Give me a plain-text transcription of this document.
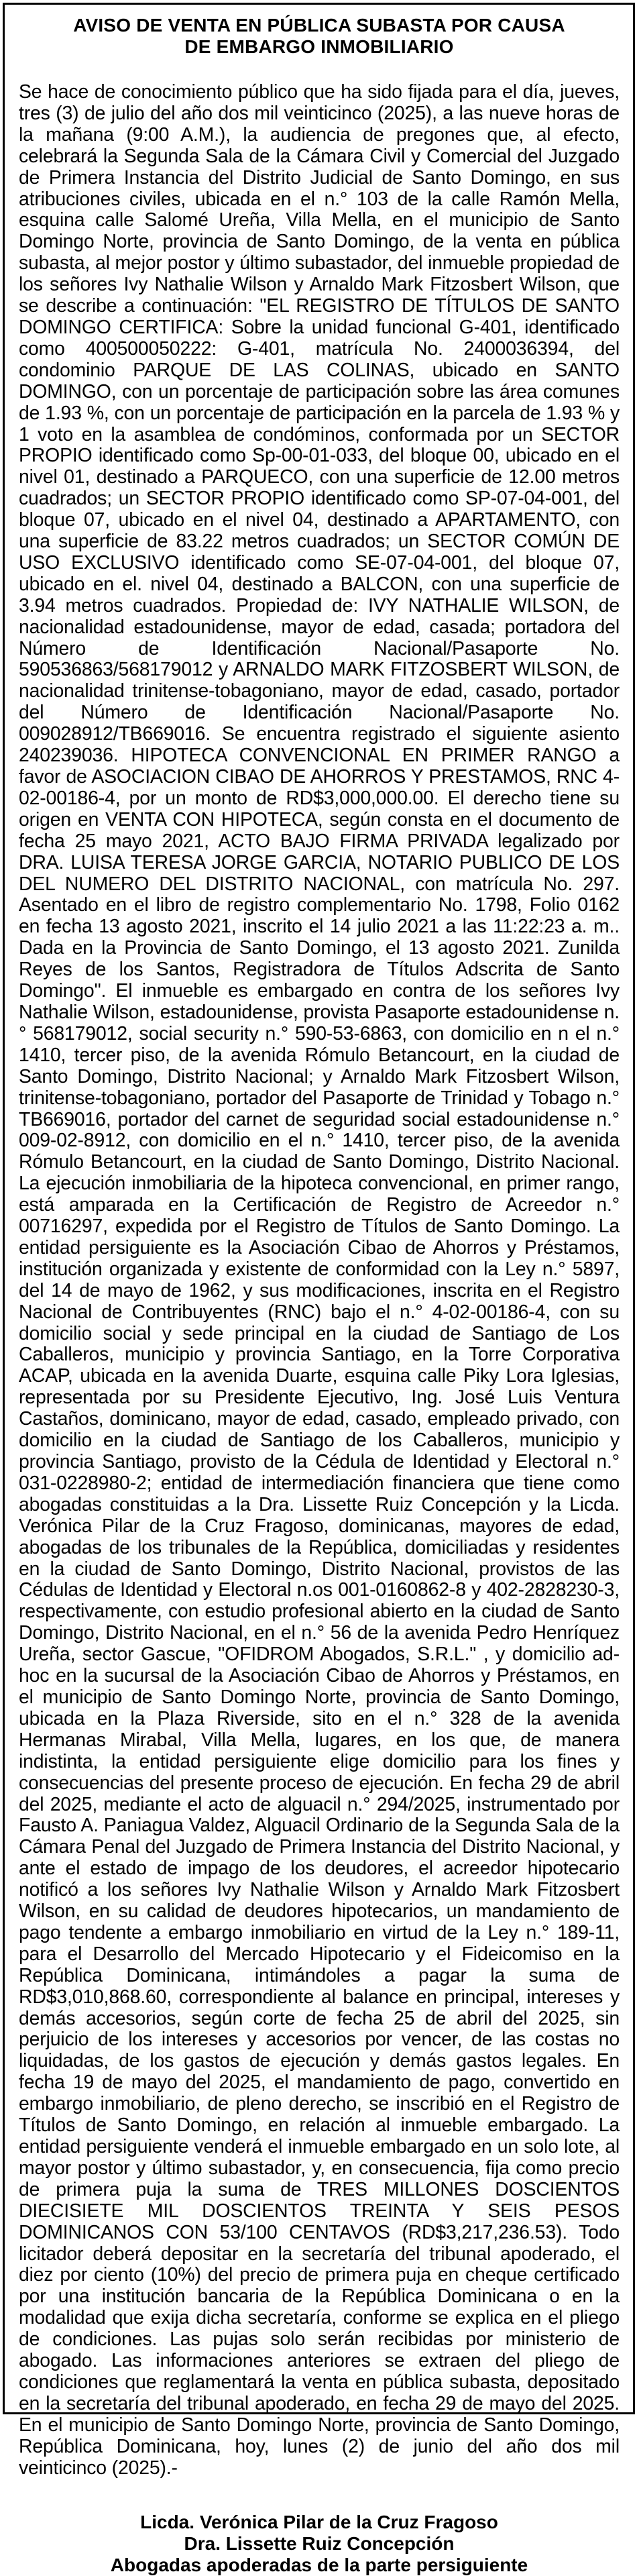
AVISO DE VENTA EN PÚBLICA SUBASTA POR CAUSA
DE EMBARGO INMOBILIARIO

Se hace de conocimiento público que ha sido fijada para el día, jueves, tres (3) de julio del año dos mil veinticinco (2025), a las nueve horas de la mañana (9:00 A.M.), la audiencia de pregones que, al efecto, celebrará la Segunda Sala de la Cámara Civil y Comercial del Juzgado de Primera Instancia del Distrito Judicial de Santo Domingo, en sus atribuciones civiles, ubicada en el n.° 103 de la calle Ramón Mella, esquina calle Salomé Ureña, Villa Mella, en el municipio de Santo Domingo Norte, provincia de Santo Domingo, de la venta en pública subasta, al mejor postor y último subastador, del inmueble propiedad de los señores Ivy Nathalie Wilson y Arnaldo Mark Fitzosbert Wilson, que se describe a continuación: "EL REGISTRO DE TÍTULOS DE SANTO DOMINGO CERTIFICA: Sobre la unidad funcional G-401, identificado como 400500050222: G-401, matrícula No. 2400036394, del condominio PARQUE DE LAS COLINAS, ubicado en SANTO DOMINGO, con un porcentaje de participación sobre las área comunes de 1.93 %, con un porcentaje de participación en la parcela de 1.93 % y 1 voto en la asamblea de condóminos, conformada por un SECTOR PROPIO identificado como Sp-00-01-033, del bloque 00, ubicado en el nivel 01, destinado a PARQUECO, con una superficie de 12.00 metros cuadrados; un SECTOR PROPIO identificado como SP-07-04-001, del bloque 07, ubicado en el nivel 04, destinado a APARTAMENTO, con una superficie de 83.22 metros cuadrados; un SECTOR COMÚN DE USO EXCLUSIVO identificado como SE-07-04-001, del bloque 07, ubicado en el. nivel 04, destinado a BALCON, con una superficie de 3.94 metros cuadrados. Propiedad de: IVY NATHALIE WILSON, de nacionalidad estadounidense, mayor de edad, casada; portadora del Número de Identificación Nacional/Pasaporte No. 590536863/568179012 y ARNALDO MARK FITZOSBERT WILSON, de nacionalidad trinitense-tobagoniano, mayor de edad, casado, portador del Número de Identificación Nacional/Pasaporte No. 009028912/TB669016. Se encuentra registrado el siguiente asiento 240239036. HIPOTECA CONVENCIONAL EN PRIMER RANGO a favor de ASOCIACION CIBAO DE AHORROS Y PRESTAMOS, RNC 4-02-00186-4, por un monto de RD$3,000,000.00. El derecho tiene su origen en VENTA CON HIPOTECA, según consta en el documento de fecha 25 mayo 2021, ACTO BAJO FIRMA PRIVADA legalizado por DRA. LUISA TERESA JORGE GARCIA, NOTARIO PUBLICO DE LOS DEL NUMERO DEL DISTRITO NACIONAL, con matrícula No. 297. Asentado en el libro de registro complementario No. 1798, Folio 0162 en fecha 13 agosto 2021, inscrito el 14 julio 2021 a las 11:22:23 a. m.. Dada en la Provincia de Santo Domingo, el 13 agosto 2021. Zunilda Reyes de los Santos, Registradora de Títulos Adscrita de Santo Domingo". El inmueble es embargado en contra de los señores Ivy Nathalie Wilson, estadounidense, provista Pasaporte estadounidense n.° 568179012, social security n.° 590-53-6863, con domicilio en n el n.° 1410, tercer piso, de la avenida Rómulo Betancourt, en la ciudad de Santo Domingo, Distrito Nacional; y Arnaldo Mark Fitzosbert Wilson, trinitense-tobagoniano, portador del Pasaporte de Trinidad y Tobago n.° TB669016, portador del carnet de seguridad social estadounidense n.° 009-02-8912, con domicilio en el n.° 1410, tercer piso, de la avenida Rómulo Betancourt, en la ciudad de Santo Domingo, Distrito Nacional. La ejecución inmobiliaria de la hipoteca convencional, en primer rango, está amparada en la Certificación de Registro de Acreedor n.° 00716297, expedida por el Registro de Títulos de Santo Domingo. La entidad persiguiente es la Asociación Cibao de Ahorros y Préstamos, institución organizada y existente de conformidad con la Ley n.° 5897, del 14 de mayo de 1962, y sus modificaciones, inscrita en el Registro Nacional de Contribuyentes (RNC) bajo el n.° 4-02-00186-4, con su domicilio social y sede principal en la ciudad de Santiago de Los Caballeros, municipio y provincia Santiago, en la Torre Corporativa ACAP, ubicada en la avenida Duarte, esquina calle Piky Lora Iglesias, representada por su Presidente Ejecutivo, Ing. José Luis Ventura Castaños, dominicano, mayor de edad, casado, empleado privado, con domicilio en la ciudad de Santiago de los Caballeros, municipio y provincia Santiago, provisto de la Cédula de Identidad y Electoral n.° 031-0228980-2; entidad de intermediación financiera que tiene como abogadas constituidas a la Dra. Lissette Ruiz Concepción y la Licda. Verónica Pilar de la Cruz Fragoso, dominicanas, mayores de edad, abogadas de los tribunales de la República, domiciliadas y residentes en la ciudad de Santo Domingo, Distrito Nacional, provistos de las Cédulas de Identidad y Electoral n.os 001-0160862-8 y 402-2828230-3, respectivamente, con estudio profesional abierto en la ciudad de Santo Domingo, Distrito Nacional, en el n.° 56 de la avenida Pedro Henríquez Ureña, sector Gascue, "OFIDROM Abogados, S.R.L." , y domicilio ad-hoc en la sucursal de la Asociación Cibao de Ahorros y Préstamos, en el municipio de Santo Domingo Norte, provincia de Santo Domingo, ubicada en la Plaza Riverside, sito en el n.° 328 de la avenida Hermanas Mirabal, Villa Mella, lugares, en los que, de manera indistinta, la entidad persiguiente elige domicilio para los fines y consecuencias del presente proceso de ejecución. En fecha 29 de abril del 2025, mediante el acto de alguacil n.° 294/2025, instrumentado por Fausto A. Paniagua Valdez, Alguacil Ordinario de la Segunda Sala de la Cámara Penal del Juzgado de Primera Instancia del Distrito Nacional, y ante el estado de impago de los deudores, el acreedor hipotecario notificó a los señores Ivy Nathalie Wilson y Arnaldo Mark Fitzosbert Wilson, en su calidad de deudores hipotecarios, un mandamiento de pago tendente a embargo inmobiliario en virtud de la Ley n.° 189-11, para el Desarrollo del Mercado Hipotecario y el Fideicomiso en la República Dominicana, intimándoles a pagar la suma de RD$3,010,868.60, correspondiente al balance en principal, intereses y demás accesorios, según corte de fecha 25 de abril del 2025, sin perjuicio de los intereses y accesorios por vencer, de las costas no liquidadas, de los gastos de ejecución y demás gastos legales. En fecha 19 de mayo del 2025, el mandamiento de pago, convertido en embargo inmobiliario, de pleno derecho, se inscribió en el Registro de Títulos de Santo Domingo, en relación al inmueble embargado. La entidad persiguiente venderá el inmueble embargado en un solo lote, al mayor postor y último subastador, y, en consecuencia, fija como precio de primera puja la suma de TRES MILLONES DOSCIENTOS DIECISIETE MIL DOSCIENTOS TREINTA Y SEIS PESOS DOMINICANOS CON 53/100 CENTAVOS (RD$3,217,236.53). Todo licitador deberá depositar en la secretaría del tribunal apoderado, el diez por ciento (10%) del precio de primera puja en cheque certificado por una institución bancaria de la República Dominicana o en la modalidad que exija dicha secretaría, conforme se explica en el pliego de condiciones. Las pujas solo serán recibidas por ministerio de abogado. Las informaciones anteriores se extraen del pliego de condiciones que reglamentará la venta en pública subasta, depositado en la secretaría del tribunal apoderado, en fecha 29 de mayo del 2025. En el municipio de Santo Domingo Norte, provincia de Santo Domingo, República Dominicana, hoy, lunes (2) de junio del año dos mil veinticinco (2025).-

Licda. Verónica Pilar de la Cruz Fragoso
Dra. Lissette Ruiz Concepción
Abogadas apoderadas de la parte persiguiente
